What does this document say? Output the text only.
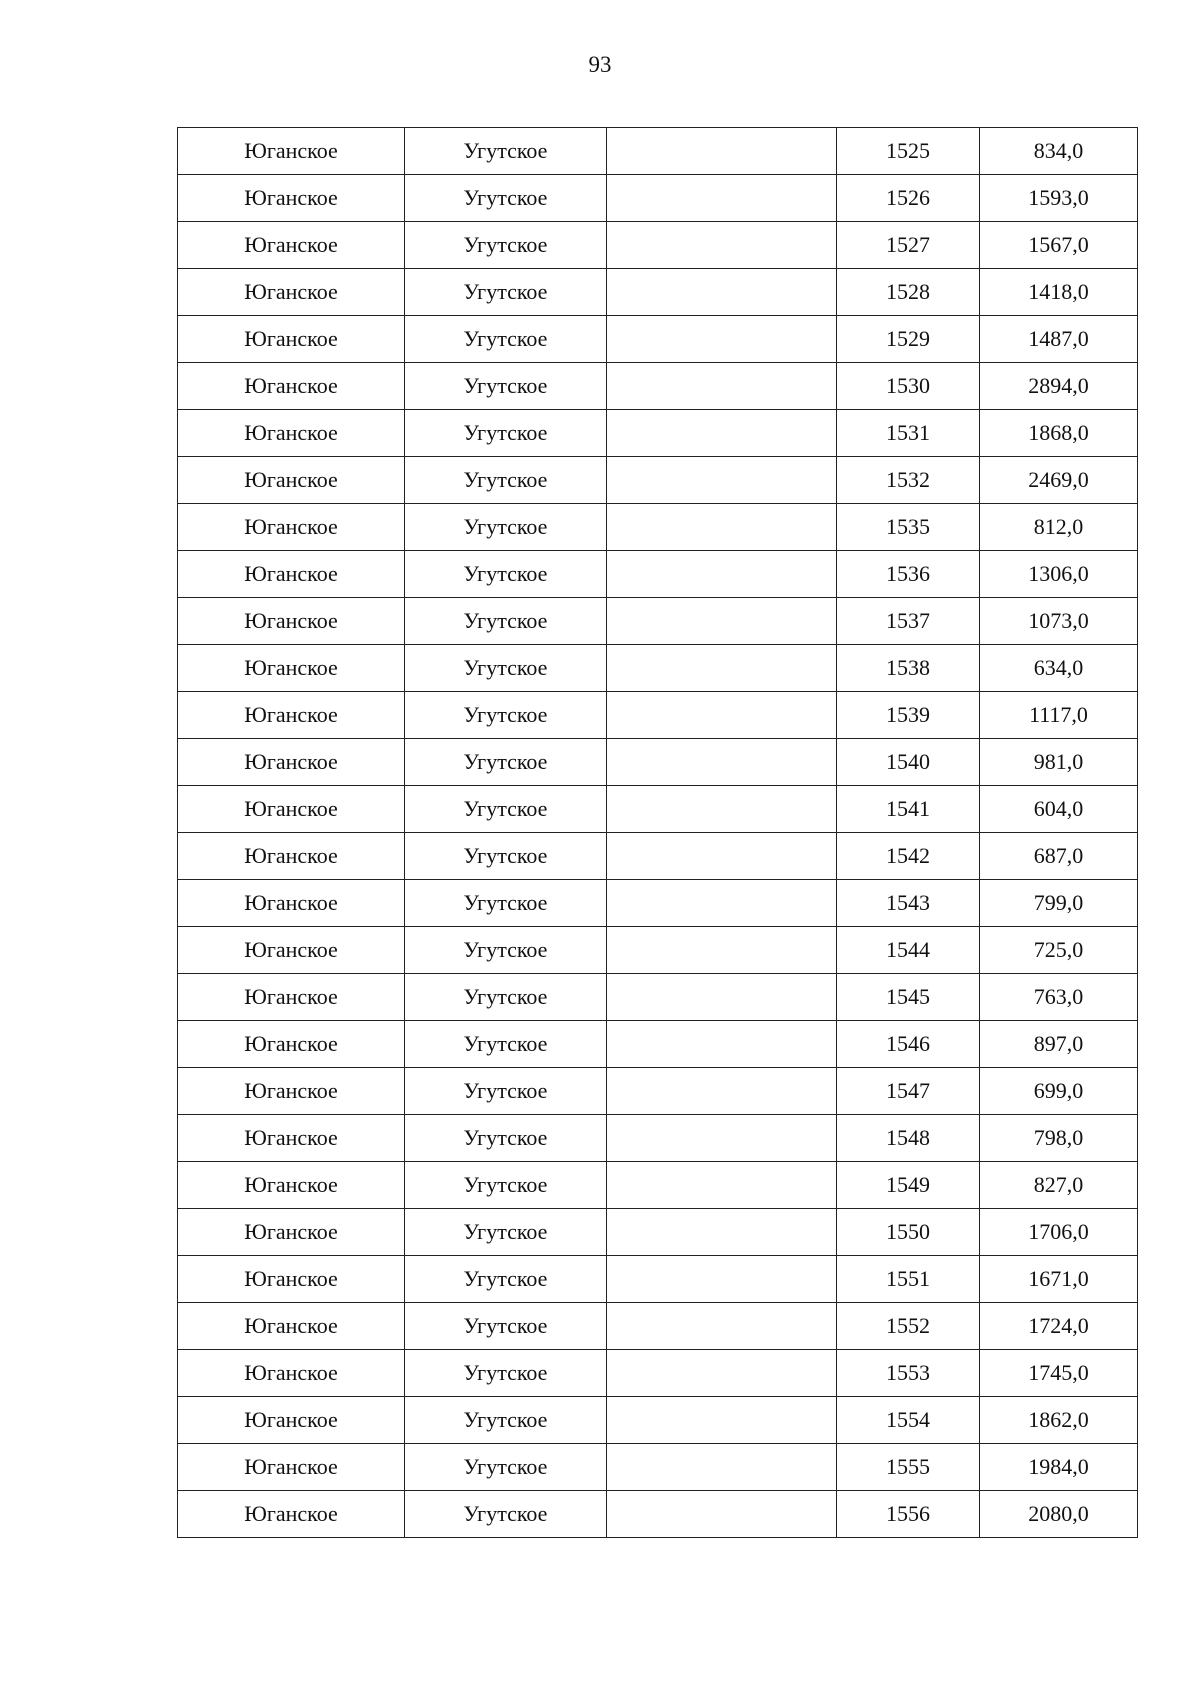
93
Юганское	Угутское		1525	834,0
Юганское	Угутское		1526	1593,0
Юганское	Угутское		1527	1567,0
Юганское	Угутское		1528	1418,0
Юганское	Угутское		1529	1487,0
Юганское	Угутское		1530	2894,0
Юганское	Угутское		1531	1868,0
Юганское	Угутское		1532	2469,0
Юганское	Угутское		1535	812,0
Юганское	Угутское		1536	1306,0
Юганское	Угутское		1537	1073,0
Юганское	Угутское		1538	634,0
Юганское	Угутское		1539	1117,0
Юганское	Угутское		1540	981,0
Юганское	Угутское		1541	604,0
Юганское	Угутское		1542	687,0
Юганское	Угутское		1543	799,0
Юганское	Угутское		1544	725,0
Юганское	Угутское		1545	763,0
Юганское	Угутское		1546	897,0
Юганское	Угутское		1547	699,0
Юганское	Угутское		1548	798,0
Юганское	Угутское		1549	827,0
Юганское	Угутское		1550	1706,0
Юганское	Угутское		1551	1671,0
Юганское	Угутское		1552	1724,0
Юганское	Угутское		1553	1745,0
Юганское	Угутское		1554	1862,0
Юганское	Угутское		1555	1984,0
Юганское	Угутское		1556	2080,0
